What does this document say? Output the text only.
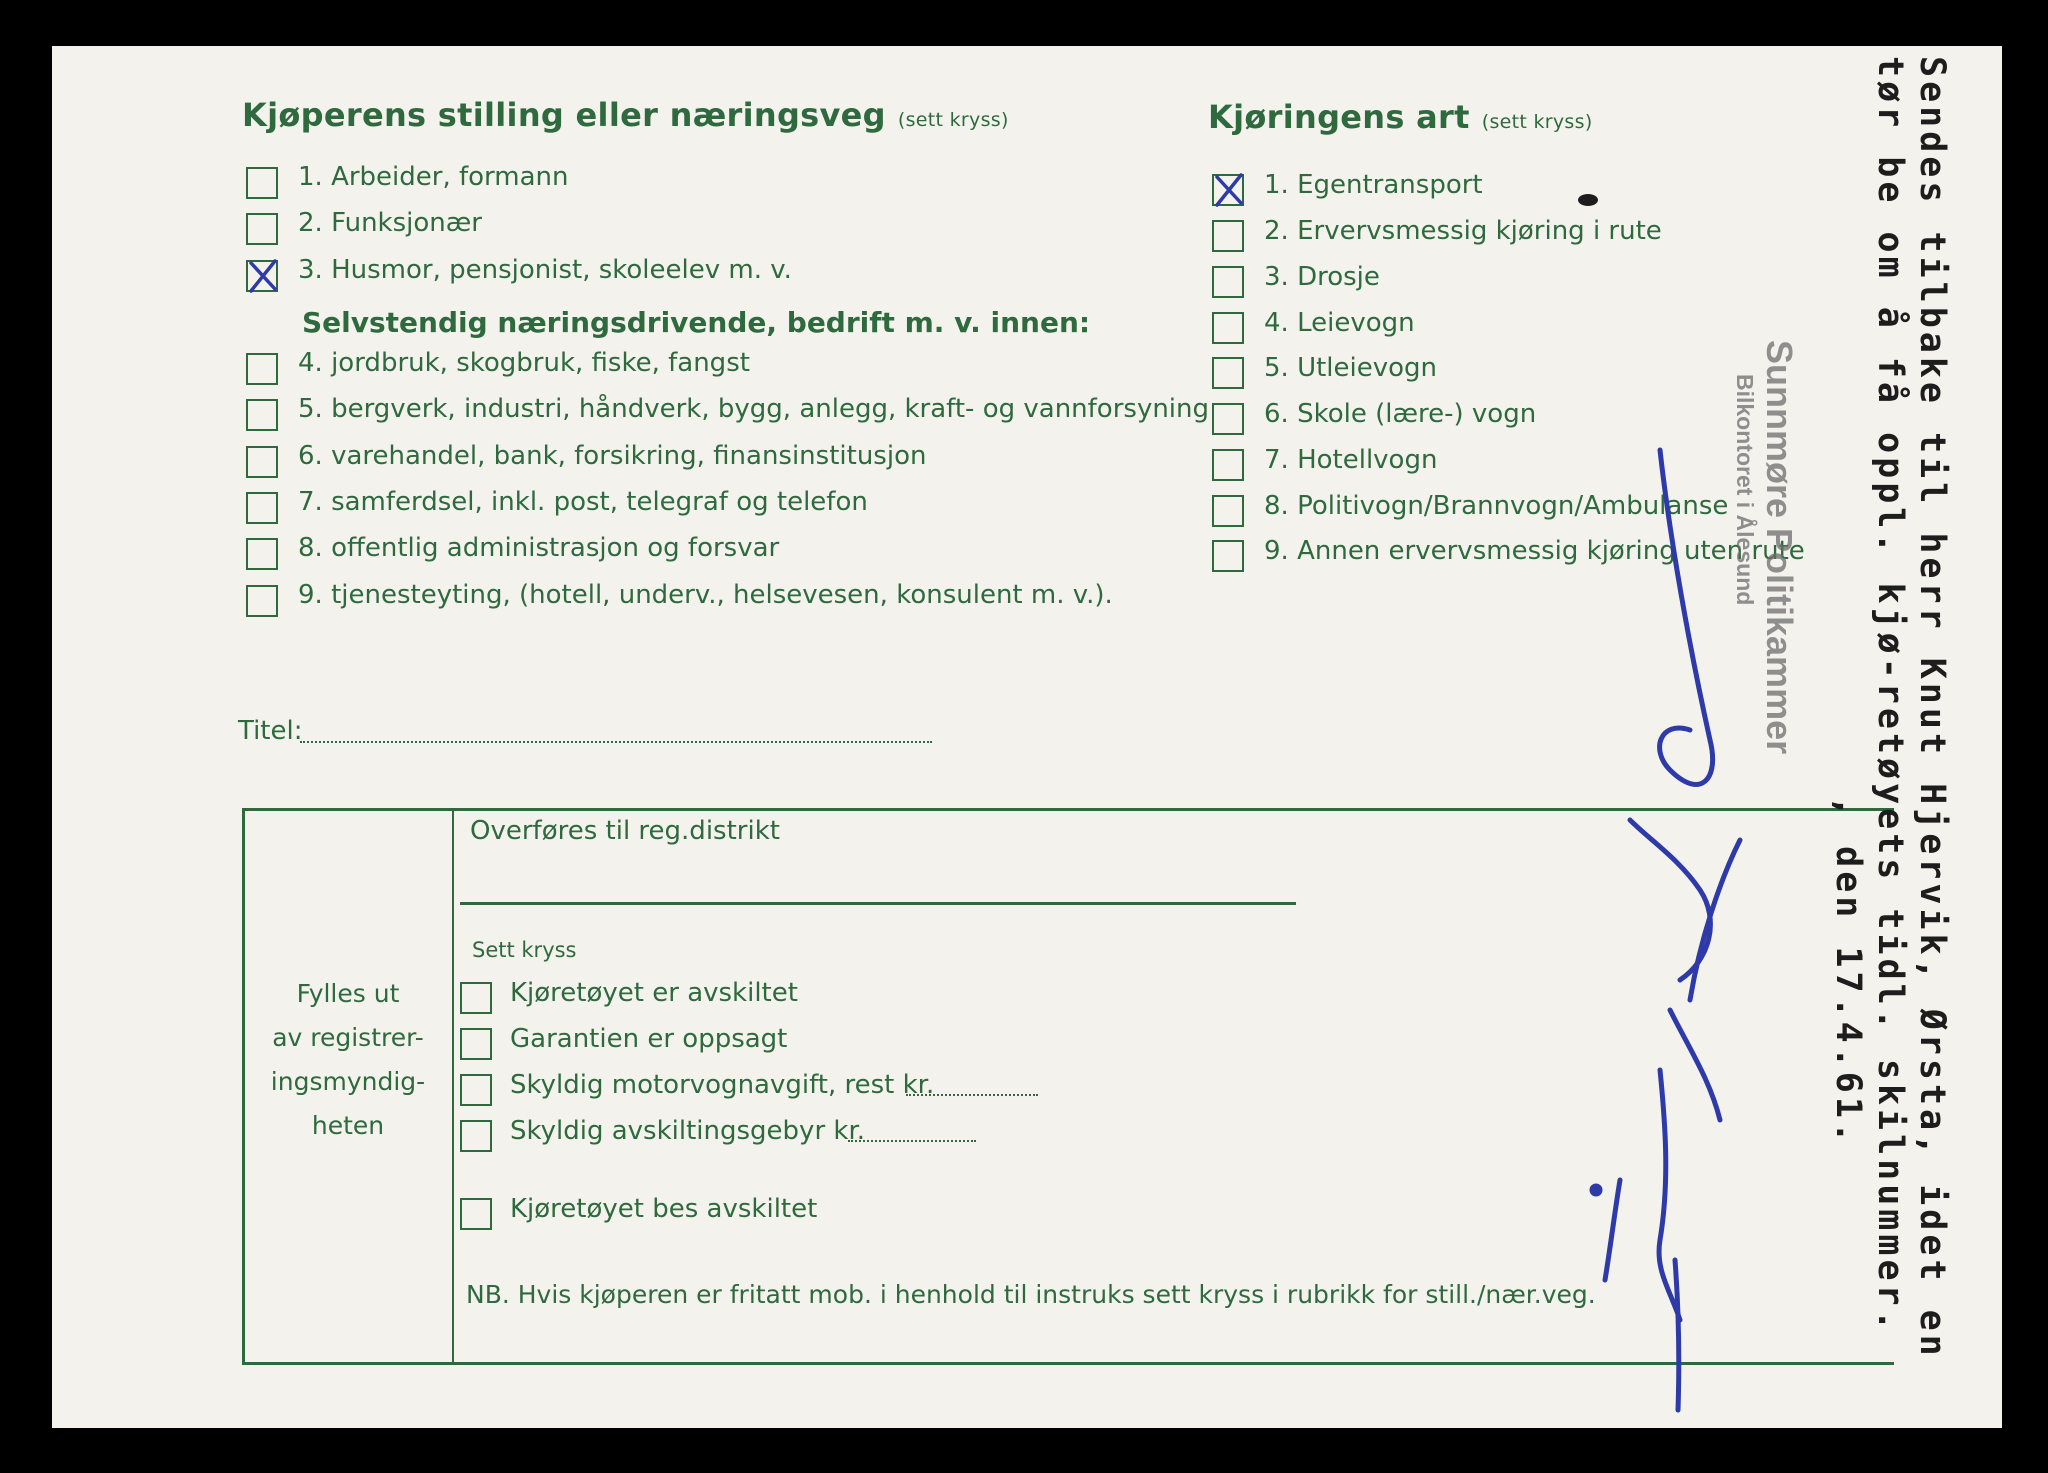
Kjøperens stilling eller næringsveg (sett kryss)
1. Arbeider, formann
2. Funksjonær
3. Husmor, pensjonist, skoleelev m. v.
4. jordbruk, skogbruk, fiske, fangst
5. bergverk, industri, håndverk, bygg, anlegg, kraft- og vannforsyning
6. varehandel, bank, forsikring, finansinstitusjon
7. samferdsel, inkl. post, telegraf og telefon
8. offentlig administrasjon og forsvar
9. tjenesteyting, (hotell, underv., helsevesen, konsulent m. v.).
Selvstendig næringsdrivende, bedrift m. v. innen:
Kjøringens art (sett kryss)
1. Egentransport
2. Ervervsmessig kjøring i rute
3. Drosje
4. Leievogn
5. Utleievogn
6. Skole (lære-) vogn
7. Hotellvogn
8. Politivogn/Brannvogn/Ambulanse
9. Annen ervervsmessig kjøring uten rute
Titel:
Fylles ut
av registrer-
ingsmyndig-
heten
Overføres til reg.distrikt
Sett kryss
Kjøretøyet er avskiltet
Garantien er oppsagt
Skyldig motorvognavgift, rest kr.
Skyldig avskiltingsgebyr kr.
Kjøretøyet bes avskiltet
NB. Hvis kjøperen er fritatt mob. i henhold til instruks sett kryss i rubrikk for still./nær.veg.
Sunnmøre Politikammer
Bilkontoret i Ålesund	Sendes tilbake til herr Knut Hjervik, Ørsta, idet en
tør be om å få oppl. kjø-retøyets tidl. skilnummer.
, den 17.4.61.
